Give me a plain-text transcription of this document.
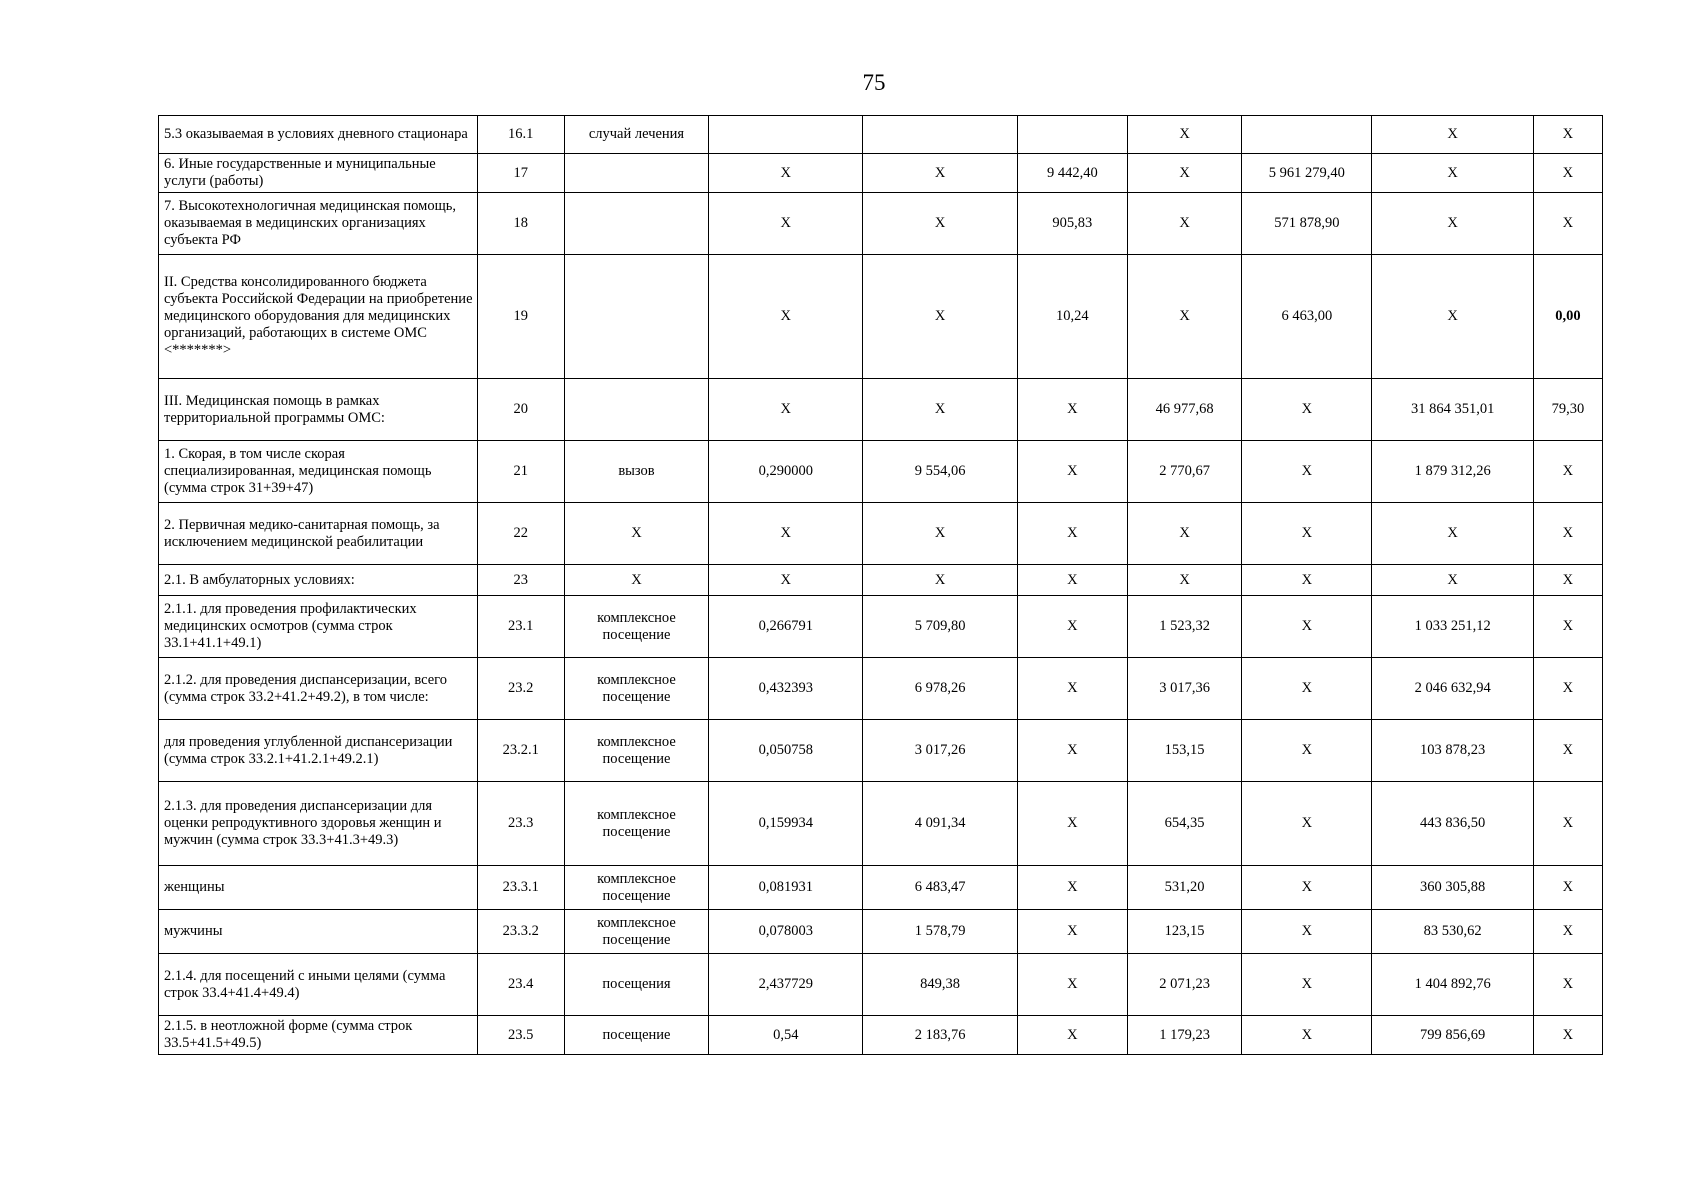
75
5.3 оказываемая в условиях дневного стационара	16.1	случай лечения				X		X	X
6. Иные государственные и муниципальные услуги (работы)	17		X	X	9 442,40	X	5 961 279,40	X	X
7. Высокотехнологичная медицинская помощь, оказываемая в медицинских организациях субъекта РФ	18		X	X	905,83	X	571 878,90	X	X
II. Средства консолидированного бюджета субъекта Российской Федерации на приобретение медицинского оборудования для медицинских организаций, работающих в системе ОМС <*******>	19		X	X	10,24	X	6 463,00	X	0,00
III. Медицинская помощь в рамках территориальной программы ОМС:	20		X	X	X	46 977,68	X	31 864 351,01	79,30
1. Скорая, в том числе скорая специализированная, медицинская помощь (сумма строк 31+39+47)	21	вызов	0,290000	9 554,06	X	2 770,67	X	1 879 312,26	X
2. Первичная медико-санитарная помощь, за исключением медицинской реабилитации	22	X	X	X	X	X	X	X	X
2.1. В амбулаторных условиях:	23	X	X	X	X	X	X	X	X
2.1.1. для проведения профилактических медицинских осмотров (сумма строк 33.1+41.1+49.1)	23.1	комплексное посещение	0,266791	5 709,80	X	1 523,32	X	1 033 251,12	X
2.1.2. для проведения диспансеризации, всего (сумма строк 33.2+41.2+49.2), в том числе:	23.2	комплексное посещение	0,432393	6 978,26	X	3 017,36	X	2 046 632,94	X
для проведения углубленной диспансеризации (сумма строк 33.2.1+41.2.1+49.2.1)	23.2.1	комплексное посещение	0,050758	3 017,26	X	153,15	X	103 878,23	X
2.1.3. для проведения диспансеризации для оценки репродуктивного здоровья женщин и мужчин (сумма строк 33.3+41.3+49.3)	23.3	комплексное посещение	0,159934	4 091,34	X	654,35	X	443 836,50	X
женщины	23.3.1	комплексное посещение	0,081931	6 483,47	X	531,20	X	360 305,88	X
мужчины	23.3.2	комплексное посещение	0,078003	1 578,79	X	123,15	X	83 530,62	X
2.1.4. для посещений с иными целями (сумма строк 33.4+41.4+49.4)	23.4	посещения	2,437729	849,38	X	2 071,23	X	1 404 892,76	X
2.1.5. в неотложной форме (сумма строк 33.5+41.5+49.5)	23.5	посещение	0,54	2 183,76	X	1 179,23	X	799 856,69	X
